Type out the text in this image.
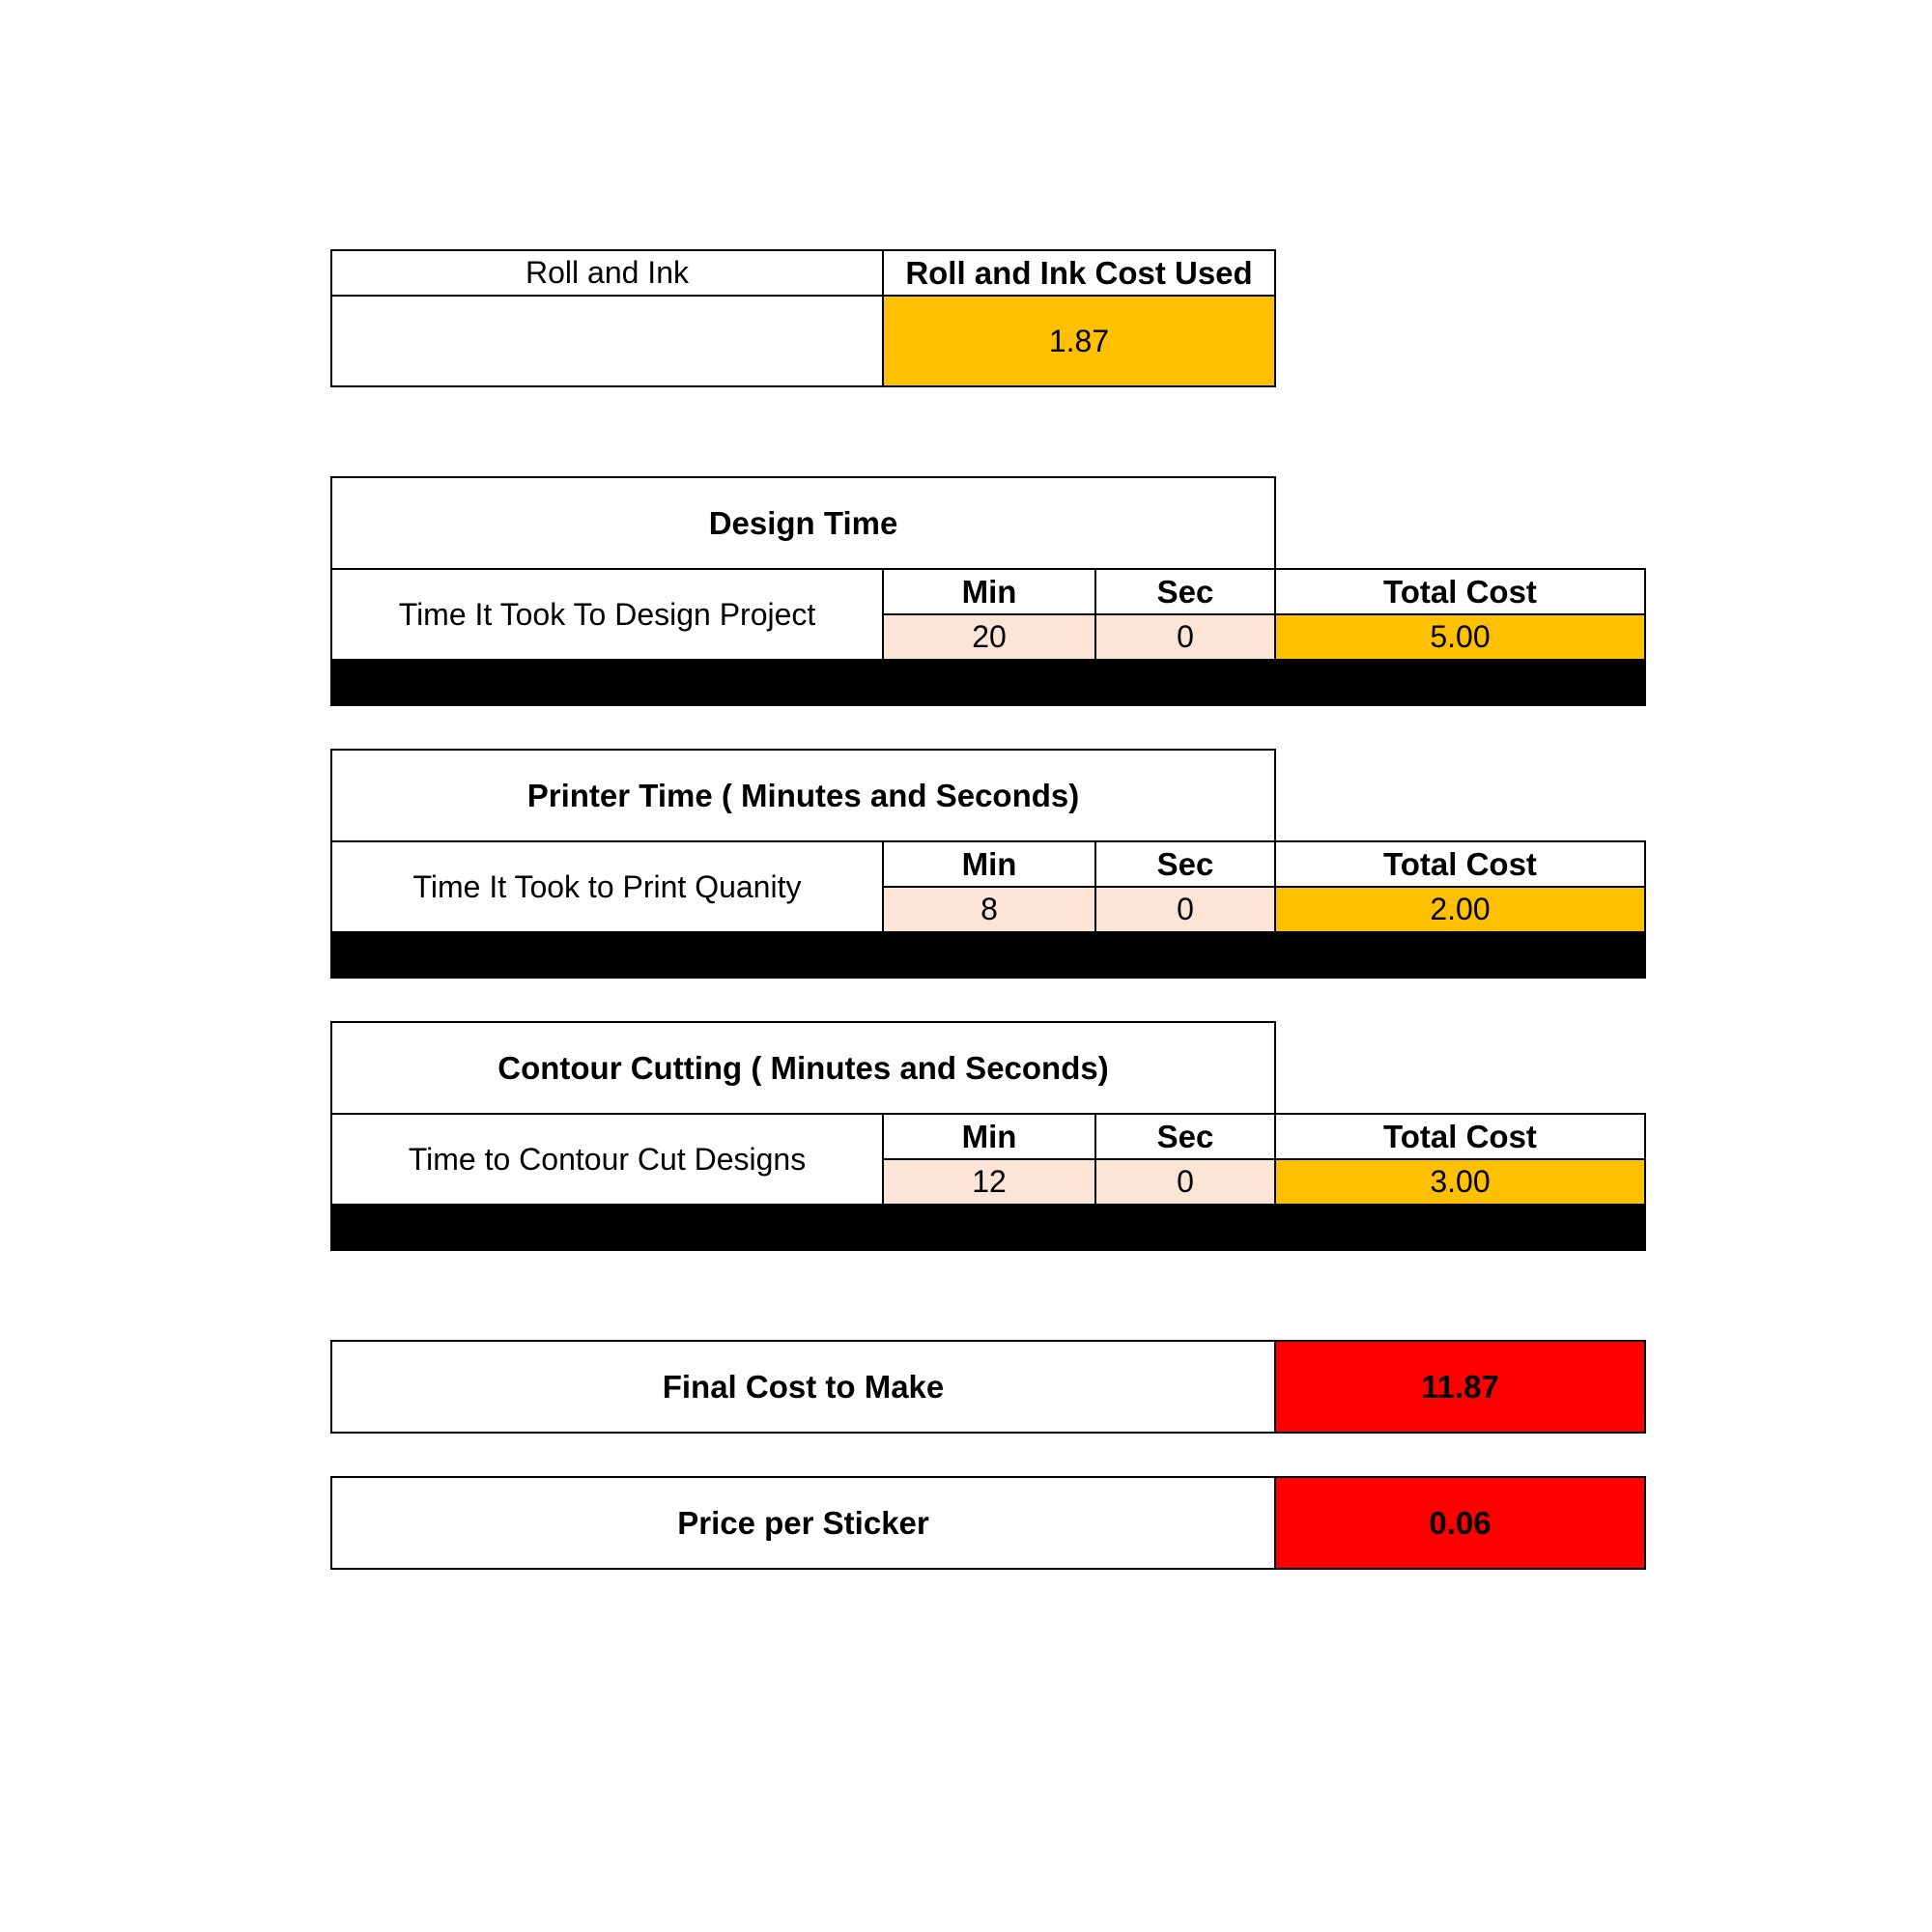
Roll and Ink	Roll and Ink Cost Used
	1.87
Design Time			
Time It Took To Design Project	Min	Sec	Total Cost
	20	0	5.00

Printer Time ( Minutes and Seconds)			
Time It Took to Print Quanity	Min	Sec	Total Cost
	8	0	2.00

Contour Cutting ( Minutes and Seconds)			
Time to Contour Cut Designs	Min	Sec	Total Cost
	12	0	3.00

Final Cost to Make	11.87
Price per Sticker	0.06
